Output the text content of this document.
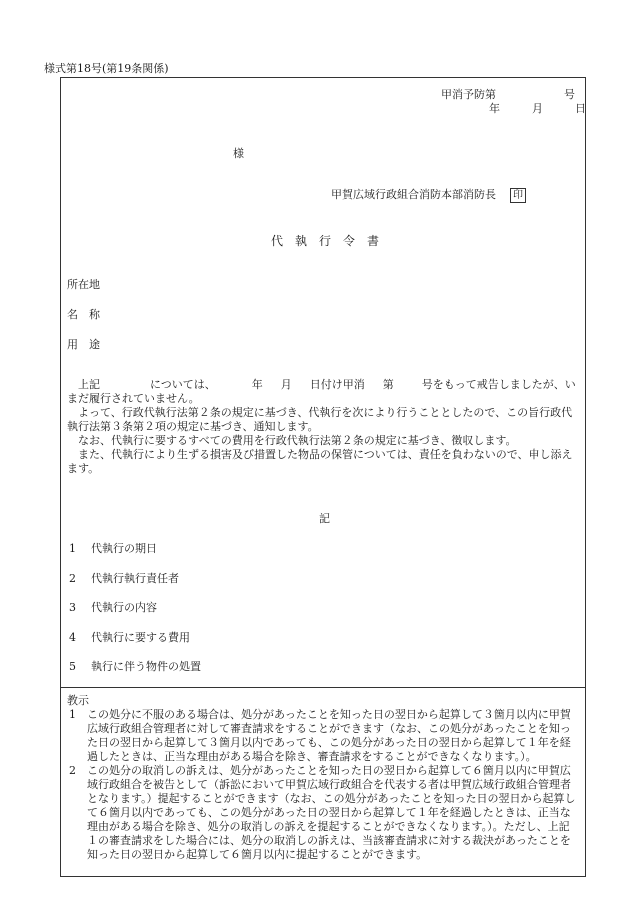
様式第18号(第19条関係)
甲消予防第	号
年	月	日
様
甲賀広域行政組合消防本部消防長 印
代　執　行　令　書
所在地
名　称
用　途

上記	については、	年 月 日付け甲消 第	号をもって戒告しましたが、いまだ履行されていません。

よって、行政代執行法第２条の規定に基づき、代執行を次により行うこととしたので、この旨行政代執行法第３条第２項の規定に基づき、通知します。

なお、代執行に要するすべての費用を行政代執行法第２条の規定に基づき、徴収します。

また、代執行により生ずる損害及び措置した物品の保管については、責任を負わないので、申し添えます。

記
1 代執行の期日
2 代執行執行責任者
3 代執行の内容
4 代執行に要する費用
5 執行に伴う物件の処置
教示

1 この処分に不服のある場合は、処分があったことを知った日の翌日から起算して３箇月以内に甲賀広域行政組合管理者に対して審査請求をすることができます（なお、この処分があったことを知った日の翌日から起算して３箇月以内であっても、この処分があった日の翌日から起算して１年を経過したときは、正当な理由がある場合を除き、審査請求をすることができなくなります。）。

2 この処分の取消しの訴えは、処分があったことを知った日の翌日から起算して６箇月以内に甲賀広域行政組合を被告として（訴訟において甲賀広域行政組合を代表する者は甲賀広域行政組合管理者となります。）提起することができます（なお、この処分があったことを知った日の翌日から起算して６箇月以内であっても、この処分があった日の翌日から起算して１年を経過したときは、正当な理由がある場合を除き、処分の取消しの訴えを提起することができなくなります。）。ただし、上記１の審査請求をした場合には、処分の取消しの訴えは、当該審査請求に対する裁決があったことを知った日の翌日から起算して６箇月以内に提起することができます。
